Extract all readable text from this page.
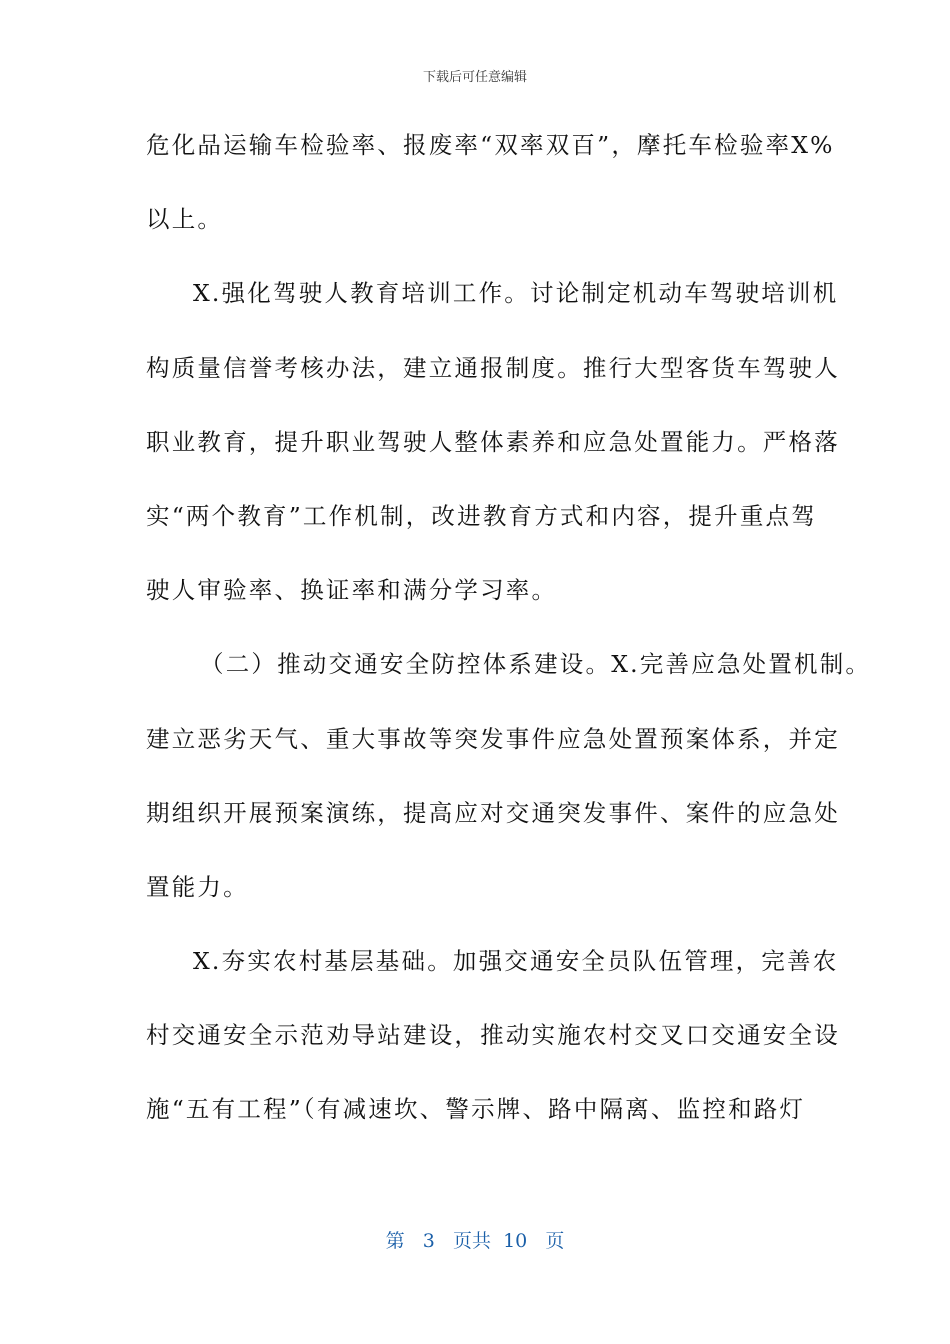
下载后可任意编辑
危化品运输车检验率、报废率“双率双百”，摩托车检验率X%
以上。
X.强化驾驶人教育培训工作。讨论制定机动车驾驶培训机
构质量信誉考核办法，建立通报制度。推行大型客货车驾驶人
职业教育，提升职业驾驶人整体素养和应急处置能力。严格落
实“两个教育”工作机制，改进教育方式和内容，提升重点驾
驶人审验率、换证率和满分学习率。
（二）推动交通安全防控体系建设。X.完善应急处置机制。
建立恶劣天气、重大事故等突发事件应急处置预案体系，并定
期组织开展预案演练，提高应对交通突发事件、案件的应急处
置能力。
X.夯实农村基层基础。加强交通安全员队伍管理，完善农
村交通安全示范劝导站建设，推动实施农村交叉口交通安全设
施“五有工程”（有减速坎、警示牌、路中隔离、监控和路灯
第 3 页共 10 页
